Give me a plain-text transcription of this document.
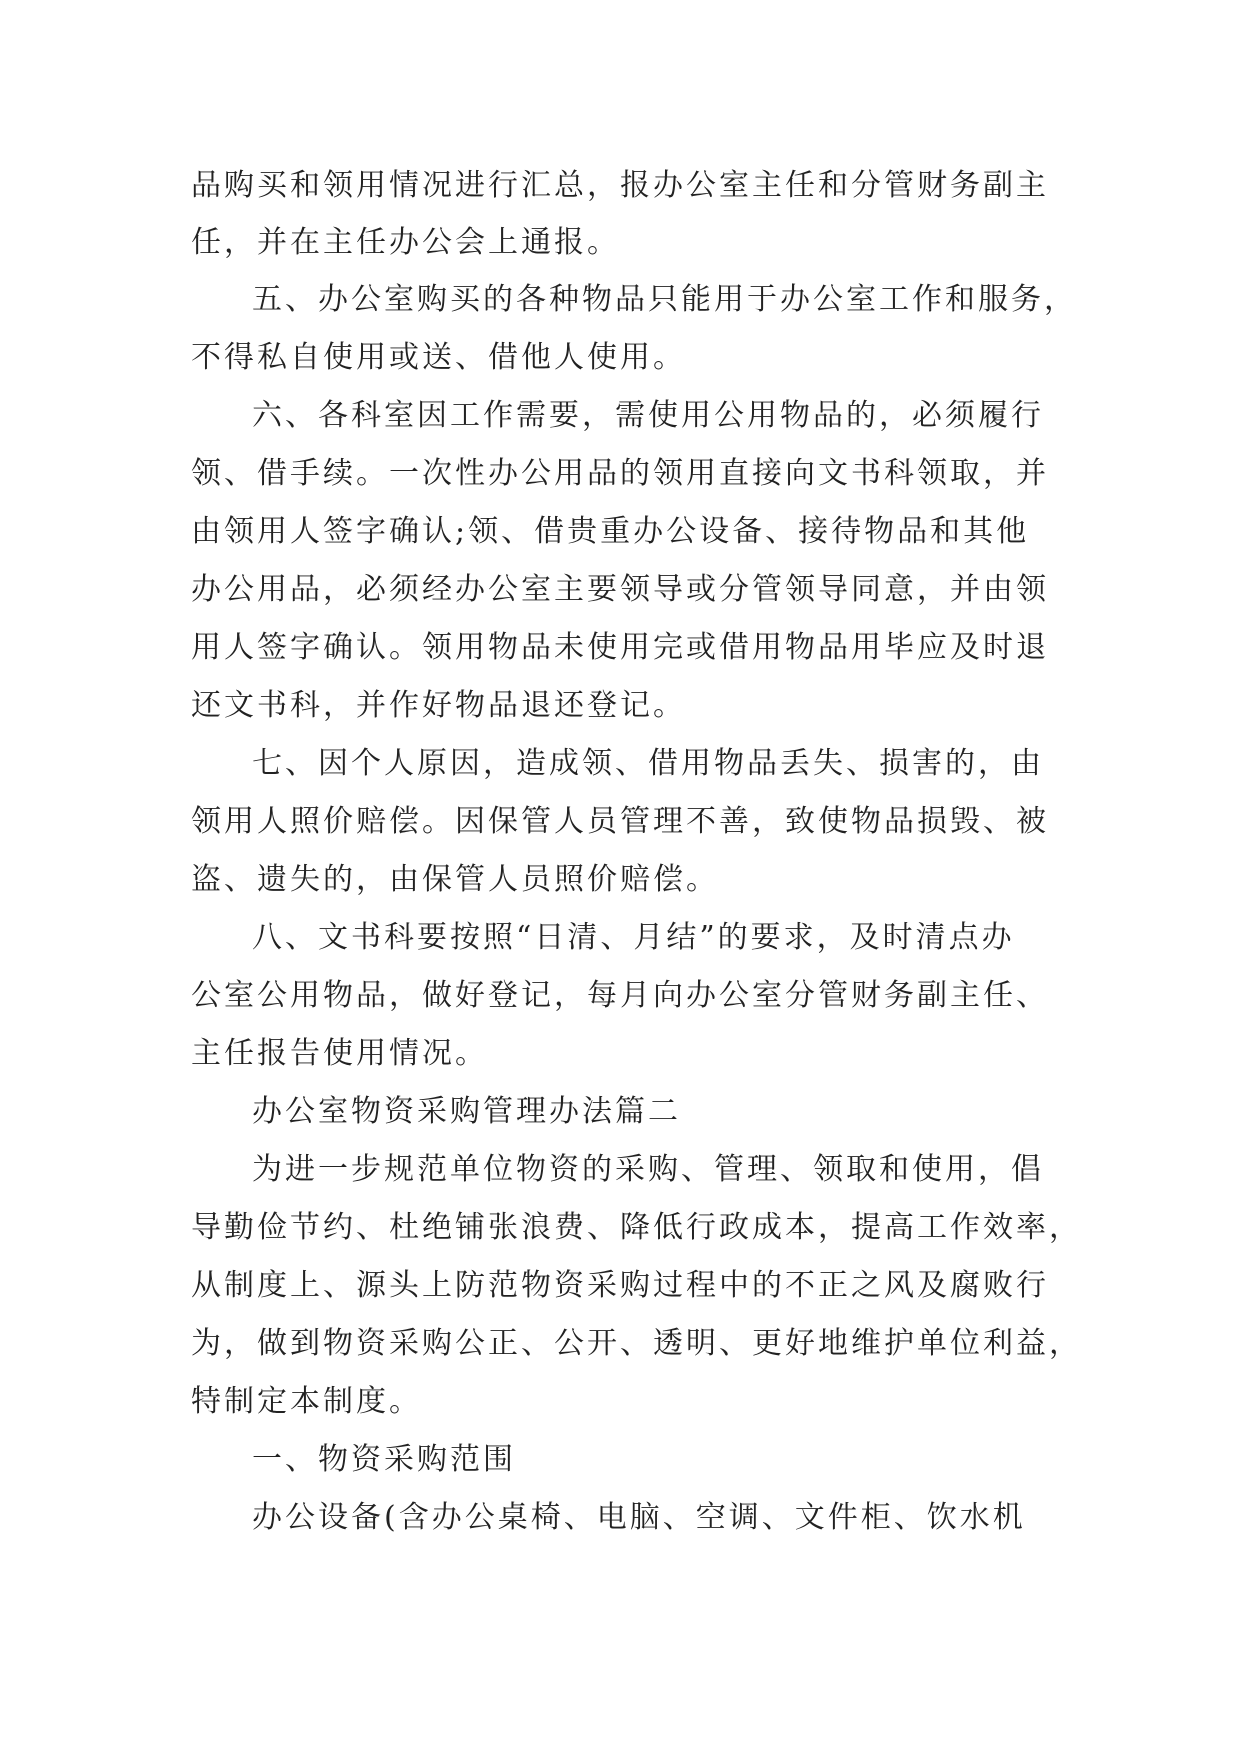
品购买和领用情况进行汇总，报办公室主任和分管财务副主
任，并在主任办公会上通报。
五、办公室购买的各种物品只能用于办公室工作和服务，
不得私自使用或送、借他人使用。
六、各科室因工作需要，需使用公用物品的，必须履行
领、借手续。一次性办公用品的领用直接向文书科领取，并
由领用人签字确认;领、借贵重办公设备、接待物品和其他
办公用品，必须经办公室主要领导或分管领导同意，并由领
用人签字确认。领用物品未使用完或借用物品用毕应及时退
还文书科，并作好物品退还登记。
七、因个人原因，造成领、借用物品丢失、损害的，由
领用人照价赔偿。因保管人员管理不善，致使物品损毁、被
盗、遗失的，由保管人员照价赔偿。
八、文书科要按照“日清、月结”的要求，及时清点办
公室公用物品，做好登记，每月向办公室分管财务副主任、
主任报告使用情况。
办公室物资采购管理办法篇二
为进一步规范单位物资的采购、管理、领取和使用，倡
导勤俭节约、杜绝铺张浪费、降低行政成本，提高工作效率，
从制度上、源头上防范物资采购过程中的不正之风及腐败行
为，做到物资采购公正、公开、透明、更好地维护单位利益，
特制定本制度。
一、物资采购范围
办公设备(含办公桌椅、电脑、空调、文件柜、饮水机
